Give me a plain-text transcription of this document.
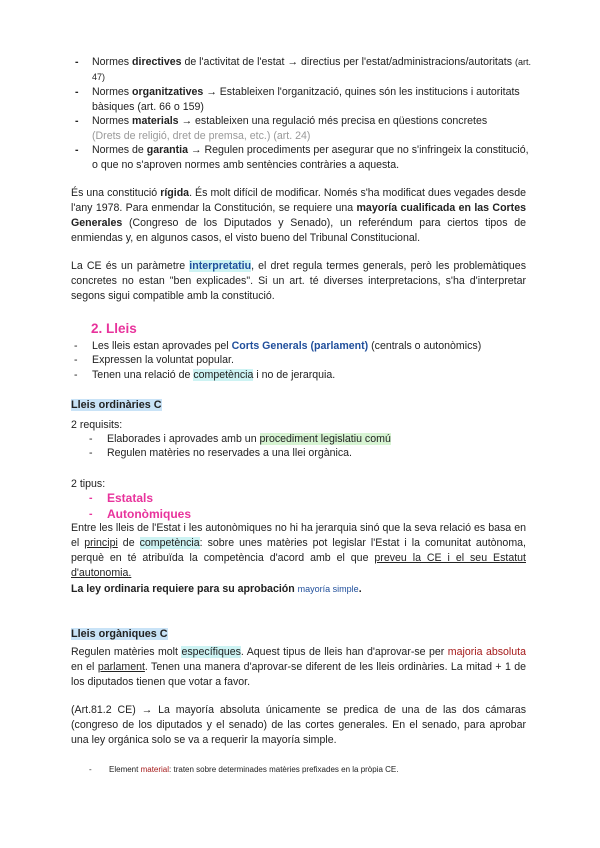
- Normes directives de l'activitat de l'estat → directius per l'estat/administracions/autoritats (art. 47)
- Normes organitzatives → Estableixen l'organització, quines són les institucions i autoritats bàsiques (art. 66 o 159)
- Normes materials → estableixen una regulació més precisa en qüestions concretes
(Drets de religió, dret de premsa, etc.) (art. 24)
- Normes de garantia → Regulen procediments per asegurar que no s'infringeix la constitució, o que no s'aproven normes amb sentències contràries a aquesta.
És una constitució rígida. És molt difícil de modificar. Només s'ha modificat dues vegades desde l'any 1978. Para enmendar la Constitución, se requiere una mayoría cualificada en las Cortes Generales (Congreso de los Diputados y Senado), un referéndum para ciertos tipos de enmiendas y, en algunos casos, el visto bueno del Tribunal Constitucional.
La CE és un paràmetre interpretatiu, el dret regula termes generals, però les problemàtiques concretes no estan "ben explicades". Si un art. té diverses interpretacions, s'ha d'interpretar segons sigui compatible amb la constitució.
2. Lleis
- Les lleis estan aprovades pel Corts Generals (parlament) (centrals o autonòmics)
- Expressen la voluntat popular.
- Tenen una relació de competència i no de jerarquia.
Lleis ordinàries C
2 requisits:
- Elaborades i aprovades amb un procediment legislatiu comú
- Regulen matèries no reservades a una llei orgànica.
2 tipus:
- Estatals
- Autonòmiques
Entre les lleis de l'Estat i les autonòmiques no hi ha jerarquia sinó que la seva relació es basa en el principi de competència: sobre unes matèries pot legislar l'Estat i la comunitat autònoma, perquè en té atribuïda la competència d'acord amb el que preveu la CE i el seu Estatut d'autonomia.
La ley ordinaria requiere para su aprobación mayoría simple.
Lleis orgàniques C
Regulen matèries molt específiques. Aquest tipus de lleis han d'aprovar-se per majoria absoluta en el parlament. Tenen una manera d'aprovar-se diferent de les lleis ordinàries. La mitad + 1 de los diputados tienen que votar a favor.
(Art.81.2 CE) → La mayoría absoluta únicamente se predica de una de las dos cámaras (congreso de los diputados y el senado) de las cortes generales. En el senado, para aprobar una ley orgánica solo se va a requerir la mayoría simple.
- Element material: traten sobre determinades matèries prefixades en la pròpia CE.
